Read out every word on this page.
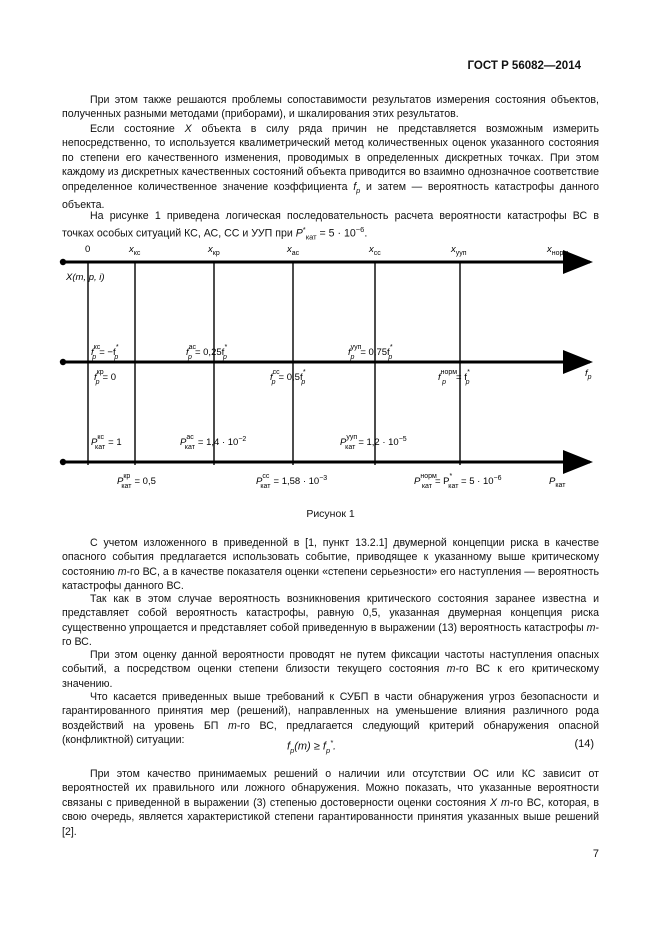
ГОСТ Р 56082—2014

При этом также решаются проблемы сопоставимости результатов измерения состояния объектов, полученных разными методами (приборами), и шкалирования этих результатов.

Если состояние X объекта в силу ряда причин не представляется возможным измерить непосредственно, то используется квалиметрический метод количественных оценок указанного состояния по степени его качественного изменения, проводимых в определенных дискретных точках. При этом каждому из дискретных качественных состояний объекта приводится во взаимно однозначное соответствие определенное количественное значение коэффициента $f_p$ и затем — вероятность катастрофы данного объекта.

На рисунке 1 приведена логическая последовательность расчета вероятности катастрофы ВС в точках особых ситуаций КС, АС, СС и УУП при $P^*_{кат} = 5 \cdot 10^{-6}$.

0	$x_{кс}$	$x_{кр}$	$x_{ас}$	$x_{сс}$	$x_{ууп}$	$x_{норм}$
X(m, p, i)
$f_p$
$P_{кат}$
$f^{кс}$ p = −f* p	$f^{ас}$ p = 0,25f* p	$f^{ууп}$ p = 0,75f* p
$f^{кр}$ p = 0	$f^{сс}$ p = 0,5f* p	$f^{норм}$ p = f* p
$P^{кс}$ кат = 1	$P^{ас}$ кат = $1,4 \cdot 10^{-2}$	$P^{ууп}$ кат = $1,2 \cdot 10^{-5}$
$P^{кр}$ кат = 0,5	$P^{сс}$ кат = $1,58 \cdot 10^{-3}$	$P^{норм}$ кат = P* кат = $5 \cdot 10^{-6}$
Рисунок 1

С учетом изложенного в приведенной в [1, пункт 13.2.1] двумерной концепции риска в качестве опасного события предлагается использовать событие, приводящее к указанному выше критическому состоянию m-го ВС, а в качестве показателя оценки «степени серьезности» его наступления — вероятность катастрофы данного ВС.

Так как в этом случае вероятность возникновения критического состояния заранее известна и представляет собой вероятность катастрофы, равную 0,5, указанная двумерная концепция риска существенно упрощается и представляет собой приведенную в выражении (13) вероятность катастрофы m-го ВС.

При этом оценку данной вероятности проводят не путем фиксации частоты наступления опасных событий, а посредством оценки степени близости текущего состояния m-го ВС к его критическому значению.

Что касается приведенных выше требований к СУБП в части обнаружения угроз безопасности и гарантированного принятия мер (решений), направленных на уменьшение влияния различного рода воздействий на уровень БП m-го ВС, предлагается следующий критерий обнаружения опасной (конфликтной) ситуации:

$f_p(m) \ge f_p^*$.	(14)

При этом качество принимаемых решений о наличии или отсутствии ОС или КС зависит от вероятностей их правильного или ложного обнаружения. Можно показать, что указанные вероятности связаны с приведенной в выражении (3) степенью достоверности оценки состояния X m-го ВС, которая, в свою очередь, является характеристикой степени гарантированности принятия указанных выше решений [2].

7
